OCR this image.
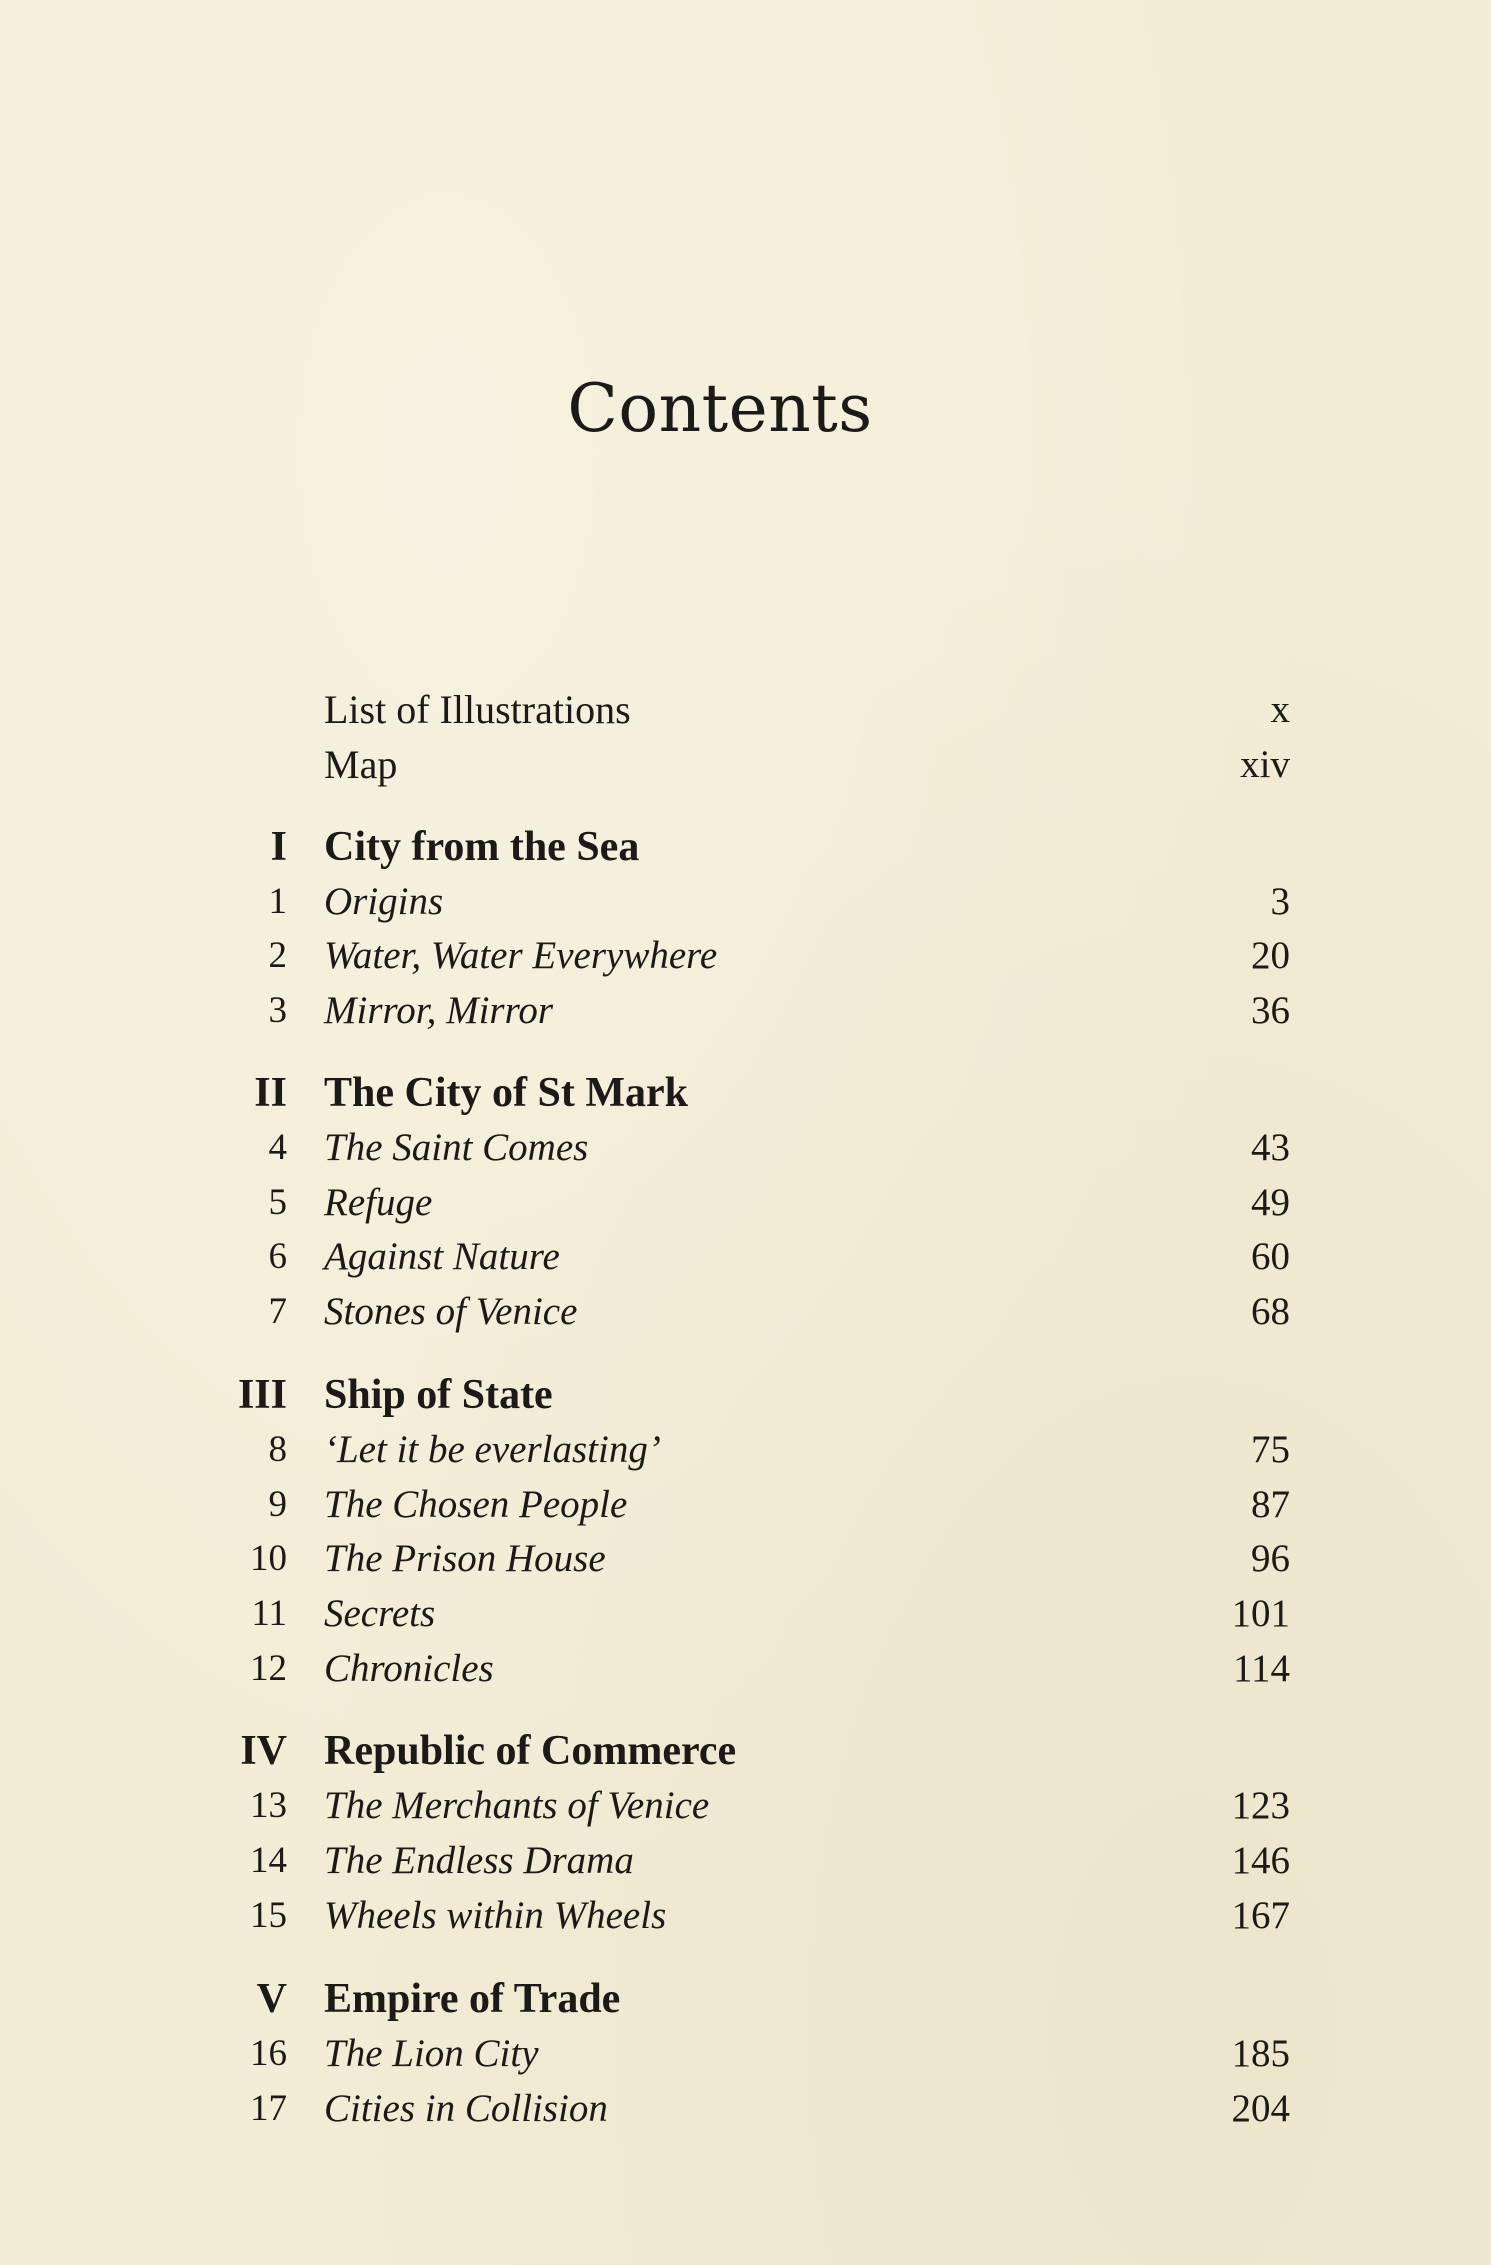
Contents
List of Illustrations	x
Map	xiv
I City from the Sea
1 Origins	3
2 Water, Water Everywhere	20
3 Mirror, Mirror	36
II The City of St Mark
4 The Saint Comes	43
5 Refuge	49
6 Against Nature	60
7 Stones of Venice	68
III Ship of State
8 ‘Let it be everlasting’	75
9 The Chosen People	87
10 The Prison House	96
11 Secrets	101
12 Chronicles	114
IV Republic of Commerce
13 The Merchants of Venice	123
14 The Endless Drama	146
15 Wheels within Wheels	167
V Empire of Trade
16 The Lion City	185
17 Cities in Collision	204
